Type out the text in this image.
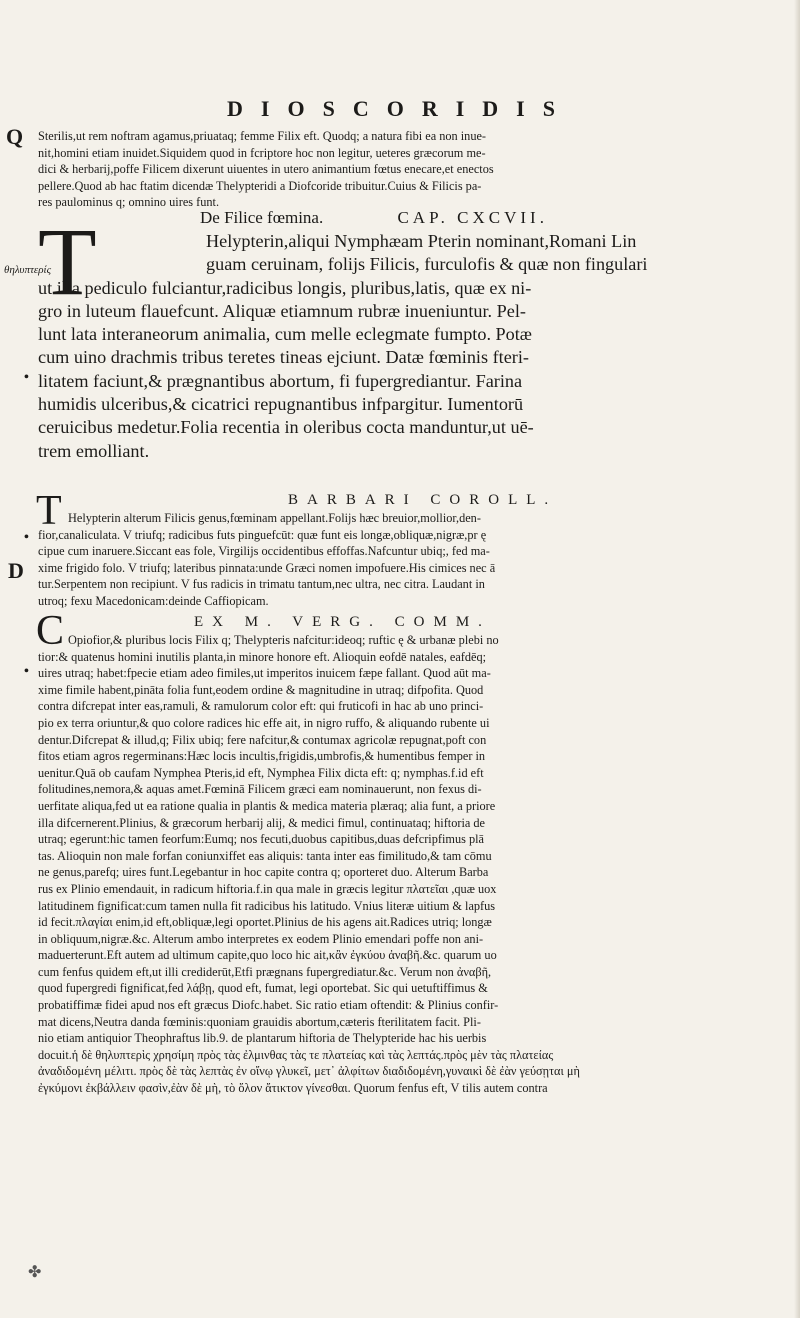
DIOSCORIDIS
Q
θηλυπτερίς
D
•
•
•
Sterilis,ut rem noftram agamus,priuataq; femme Filix eft. Quodq; a natura fibi ea non inue-
nit,homini etiam inuidet.Siquidem quod in fcriptore hoc non legitur, ueteres græcorum me-
dici & herbarij,poffe Filicem dixerunt uiuentes in utero animantium fœtus enecare,et enectos
pellere.Quod ab hac ftatim dicendæ Thelypteridi a Diofcoride tribuitur.Cuius & Filicis pa-
res paulominus q; omnino uires funt.
De Filice fœmina.	CAP. CXCVII.
T	Helypterin,aliqui Nymphæam Pterin nominant,Romani Lin
guam ceruinam, folijs Filicis, furculofis & quæ non fingulari
ut illa pediculo fulciantur,radicibus longis, pluribus,latis, quæ ex ni-
gro in luteum flauefcunt. Aliquæ etiamnum rubræ inueniuntur. Pel-
lunt lata interaneorum animalia, cum melle eclegmate fumpto. Potæ
cum uino drachmis tribus teretes tineas ejciunt. Datæ fœminis fteri-
litatem faciunt,& prægnantibus abortum, fi fupergrediantur. Farina
humidis ulceribus,& cicatrici repugnantibus infpargitur. Iumentorū
ceruicibus medetur.Folia recentia in oleribus cocta manduntur,ut uē-
trem emolliant.
BARBARI COROLL.
T Helypterin alterum Filicis genus,fœminam appellant.Folijs hæc breuior,mollior,den-
fior,canaliculata. V triufq; radicibus futs pinguefcūt: quæ funt eis longæ,obliquæ,nigræ,pr ę
cipue cum inaruere.Siccant eas fole, Virgilijs occidentibus effoffas.Nafcuntur ubiq;, fed ma-
xime frigido folo. V triufq; lateribus pinnata:unde Græci nomen impofuere.His cimices nec ā
tur.Serpentem non recipiunt. V fus radicis in trimatu tantum,nec ultra, nec citra. Laudant in
utroq; fexu Macedonicam:deinde Caffiopicam.
EX M. VERG. COMM.
C Opiofior,& pluribus locis Filix q; Thelypteris nafcitur:ideoq; ruftic ę & urbanæ plebi no
tior:& quatenus homini inutilis planta,in minore honore eft. Alioquin eofdē natales, eafdēq;
uires utraq; habet:fpecie etiam adeo fimiles,ut imperitos inuicem fæpe fallant. Quod aūt ma-
xime fimile habent,pināta folia funt,eodem ordine & magnitudine in utraq; difpofita. Quod
contra difcrepat inter eas,ramuli, & ramulorum color eft: qui fruticofi in hac ab uno princi-
pio ex terra oriuntur,& quo colore radices hic effe ait, in nigro ruffo, & aliquando rubente ui
dentur.Difcrepat & illud,q; Filix ubiq; fere nafcitur,& contumax agricolæ repugnat,poft con
fitos etiam agros regerminans:Hæc locis incultis,frigidis,umbrofis,& humentibus femper in
uenitur.Quā ob caufam Nymphea Pteris,id eft, Nymphea Filix dicta eft: q; nymphas.f.id eft
folitudines,nemora,& aquas amet.Fœminā Filicem græci eam nominauerunt, non fexus di-
uerfitate aliqua,fed ut ea ratione qualia in plantis & medica materia plæraq; alia funt, a priore
illa difcernerent.Plinius, & græcorum herbarij alij, & medici fimul, continuataq; hiftoria de
utraq; egerunt:hic tamen feorfum:Eumq; nos fecuti,duobus capitibus,duas defcripfimus plā
tas. Alioquin non male forfan coniunxiffet eas aliquis: tanta inter eas fimilitudo,& tam cōmu
ne genus,parefq; uires funt.Legebantur in hoc capite contra q; oporteret duo. Alterum Barba
rus ex Plinio emendauit, in radicum hiftoria.f.in qua male in græcis legitur πλατεῖαι ,quæ uox
latitudinem fignificat:cum tamen nulla fit radicibus his latitudo. Vnius literæ uitium & lapfus
id fecit.πλαγίαι enim,id eft,obliquæ,legi oportet.Plinius de his agens ait.Radices utriq; longæ
in obliquum,nigræ.&c. Alterum ambo interpretes ex eodem Plinio emendari poffe non ani-
maduerterunt.Eft autem ad ultimum capite,quo loco hic ait,κἂν ἐγκύου ἀναβῆ.&c. quarum uo
cum fenfus quidem eft,ut illi crediderūt,Etfi prægnans fupergrediatur.&c. Verum non ἀναβῆ,
quod fupergredi fignificat,fed λάβῃ, quod eft, fumat, legi oportebat. Sic qui uetuftiffimus &
probatiffimæ fidei apud nos eft græcus Diofc.habet. Sic ratio etiam oftendit: & Plinius confir-
mat dicens,Neutra danda fœminis:quoniam grauidis abortum,cæteris fterilitatem facit. Pli-
nio etiam antiquior Theophraftus lib.9. de plantarum hiftoria de Thelypteride hac his uerbis
docuit.ἡ δὲ θηλυπτερὶς χρησίμη πρὸς τὰς ἐλμινθας τὰς τε πλατείας καὶ τὰς λεπτάς.πρὸς μὲν τὰς πλατείας
ἀναδιδομένη μέλιτι. πρὸς δὲ τὰς λεπτὰς ἐν οἴνῳ γλυκεῖ, μετ᾽ ἀλφίτων διαδιδομένη,γυναικὶ δὲ ἐὰν γεύσῃται μὴ
ἐγκύμονι ἐκβάλλειν φασὶν,ἐὰν δὲ μὴ, τὸ ὅλον ἄτικτον γίνεσθαι. Quorum fenfus eft, V tilis autem contra
✤
